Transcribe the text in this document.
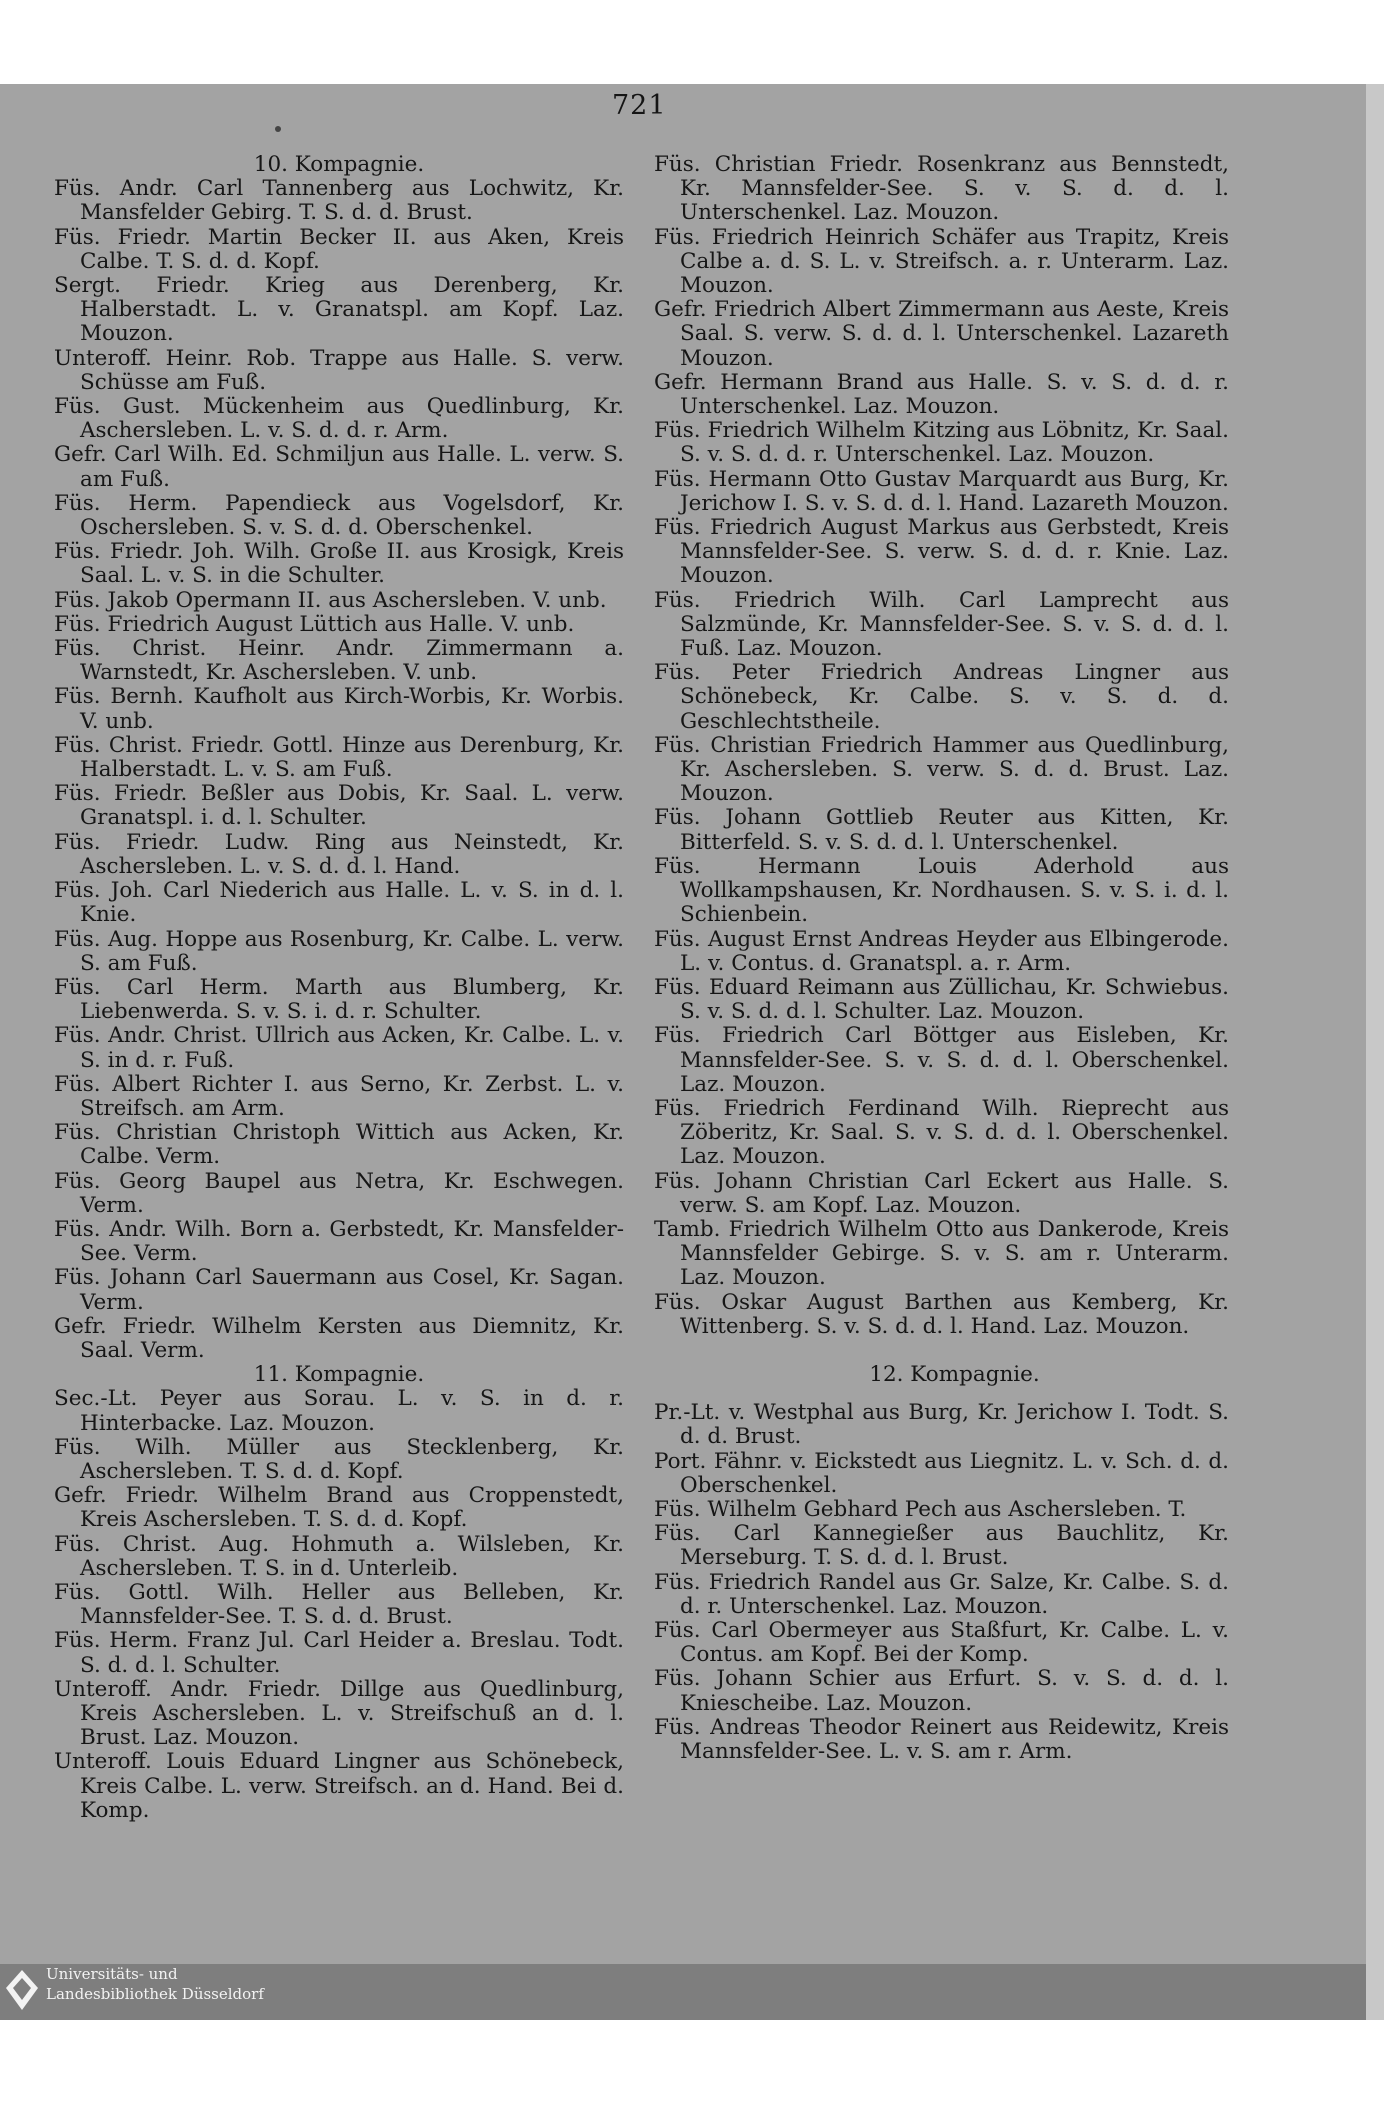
721
10. Kompagnie.
Füs. Andr. Carl Tannenberg aus Lochwitz, Kr. Mansfelder Gebirg. T. S. d. d. Brust.
Füs. Friedr. Martin Becker II. aus Aken, Kreis Calbe. T. S. d. d. Kopf.
Sergt. Friedr. Krieg aus Derenberg, Kr. Halberstadt. L. v. Granatspl. am Kopf. Laz. Mouzon.
Unteroff. Heinr. Rob. Trappe aus Halle. S. verw. Schüsse am Fuß.
Füs. Gust. Mückenheim aus Quedlinburg, Kr. Aschersleben. L. v. S. d. d. r. Arm.
Gefr. Carl Wilh. Ed. Schmiljun aus Halle. L. verw. S. am Fuß.
Füs. Herm. Papendieck aus Vogelsdorf, Kr. Oschersleben. S. v. S. d. d. Oberschenkel.
Füs. Friedr. Joh. Wilh. Große II. aus Krosigk, Kreis Saal. L. v. S. in die Schulter.
Füs. Jakob Opermann II. aus Aschersleben. V. unb.
Füs. Friedrich August Lüttich aus Halle. V. unb.
Füs. Christ. Heinr. Andr. Zimmermann a. Warnstedt, Kr. Aschersleben. V. unb.
Füs. Bernh. Kaufholt aus Kirch-Worbis, Kr. Worbis. V. unb.
Füs. Christ. Friedr. Gottl. Hinze aus Derenburg, Kr. Halberstadt. L. v. S. am Fuß.
Füs. Friedr. Beßler aus Dobis, Kr. Saal. L. verw. Granatspl. i. d. l. Schulter.
Füs. Friedr. Ludw. Ring aus Neinstedt, Kr. Aschersleben. L. v. S. d. d. l. Hand.
Füs. Joh. Carl Niederich aus Halle. L. v. S. in d. l. Knie.
Füs. Aug. Hoppe aus Rosenburg, Kr. Calbe. L. verw. S. am Fuß.
Füs. Carl Herm. Marth aus Blumberg, Kr. Liebenwerda. S. v. S. i. d. r. Schulter.
Füs. Andr. Christ. Ullrich aus Acken, Kr. Calbe. L. v. S. in d. r. Fuß.
Füs. Albert Richter I. aus Serno, Kr. Zerbst. L. v. Streifsch. am Arm.
Füs. Christian Christoph Wittich aus Acken, Kr. Calbe. Verm.
Füs. Georg Baupel aus Netra, Kr. Eschwegen. Verm.
Füs. Andr. Wilh. Born a. Gerbstedt, Kr. Mansfelder-See. Verm.
Füs. Johann Carl Sauermann aus Cosel, Kr. Sagan. Verm.
Gefr. Friedr. Wilhelm Kersten aus Diemnitz, Kr. Saal. Verm.
11. Kompagnie.
Sec.-Lt. Peyer aus Sorau. L. v. S. in d. r. Hinterbacke. Laz. Mouzon.
Füs. Wilh. Müller aus Stecklenberg, Kr. Aschersleben. T. S. d. d. Kopf.
Gefr. Friedr. Wilhelm Brand aus Croppenstedt, Kreis Aschersleben. T. S. d. d. Kopf.
Füs. Christ. Aug. Hohmuth a. Wilsleben, Kr. Aschersleben. T. S. in d. Unterleib.
Füs. Gottl. Wilh. Heller aus Belleben, Kr. Mannsfelder-See. T. S. d. d. Brust.
Füs. Herm. Franz Jul. Carl Heider a. Breslau. Todt. S. d. d. l. Schulter.
Unteroff. Andr. Friedr. Dillge aus Quedlinburg, Kreis Aschersleben. L. v. Streifschuß an d. l. Brust. Laz. Mouzon.
Unteroff. Louis Eduard Lingner aus Schönebeck, Kreis Calbe. L. verw. Streifsch. an d. Hand. Bei d. Komp.
Füs. Christian Friedr. Rosenkranz aus Bennstedt, Kr. Mannsfelder-See. S. v. S. d. d. l. Unterschenkel. Laz. Mouzon.
Füs. Friedrich Heinrich Schäfer aus Trapitz, Kreis Calbe a. d. S. L. v. Streifsch. a. r. Unterarm. Laz. Mouzon.
Gefr. Friedrich Albert Zimmermann aus Aeste, Kreis Saal. S. verw. S. d. d. l. Unterschenkel. Lazareth Mouzon.
Gefr. Hermann Brand aus Halle. S. v. S. d. d. r. Unterschenkel. Laz. Mouzon.
Füs. Friedrich Wilhelm Kitzing aus Löbnitz, Kr. Saal. S. v. S. d. d. r. Unterschenkel. Laz. Mouzon.
Füs. Hermann Otto Gustav Marquardt aus Burg, Kr. Jerichow I. S. v. S. d. d. l. Hand. Lazareth Mouzon.
Füs. Friedrich August Markus aus Gerbstedt, Kreis Mannsfelder-See. S. verw. S. d. d. r. Knie. Laz. Mouzon.
Füs. Friedrich Wilh. Carl Lamprecht aus Salzmünde, Kr. Mannsfelder-See. S. v. S. d. d. l. Fuß. Laz. Mouzon.
Füs. Peter Friedrich Andreas Lingner aus Schönebeck, Kr. Calbe. S. v. S. d. d. Geschlechtstheile.
Füs. Christian Friedrich Hammer aus Quedlinburg, Kr. Aschersleben. S. verw. S. d. d. Brust. Laz. Mouzon.
Füs. Johann Gottlieb Reuter aus Kitten, Kr. Bitterfeld. S. v. S. d. d. l. Unterschenkel.
Füs. Hermann Louis Aderhold aus Wollkampshausen, Kr. Nordhausen. S. v. S. i. d. l. Schienbein.
Füs. August Ernst Andreas Heyder aus Elbingerode. L. v. Contus. d. Granatspl. a. r. Arm.
Füs. Eduard Reimann aus Züllichau, Kr. Schwiebus. S. v. S. d. d. l. Schulter. Laz. Mouzon.
Füs. Friedrich Carl Böttger aus Eisleben, Kr. Mannsfelder-See. S. v. S. d. d. l. Oberschenkel. Laz. Mouzon.
Füs. Friedrich Ferdinand Wilh. Rieprecht aus Zöberitz, Kr. Saal. S. v. S. d. d. l. Oberschenkel. Laz. Mouzon.
Füs. Johann Christian Carl Eckert aus Halle. S. verw. S. am Kopf. Laz. Mouzon.
Tamb. Friedrich Wilhelm Otto aus Dankerode, Kreis Mannsfelder Gebirge. S. v. S. am r. Unterarm. Laz. Mouzon.
Füs. Oskar August Barthen aus Kemberg, Kr. Wittenberg. S. v. S. d. d. l. Hand. Laz. Mouzon.
12. Kompagnie.
Pr.-Lt. v. Westphal aus Burg, Kr. Jerichow I. Todt. S. d. d. Brust.
Port. Fähnr. v. Eickstedt aus Liegnitz. L. v. Sch. d. d. Oberschenkel.
Füs. Wilhelm Gebhard Pech aus Aschersleben. T.
Füs. Carl Kannegießer aus Bauchlitz, Kr. Merseburg. T. S. d. d. l. Brust.
Füs. Friedrich Randel aus Gr. Salze, Kr. Calbe. S. d. d. r. Unterschenkel. Laz. Mouzon.
Füs. Carl Obermeyer aus Staßfurt, Kr. Calbe. L. v. Contus. am Kopf. Bei der Komp.
Füs. Johann Schier aus Erfurt. S. v. S. d. d. l. Kniescheibe. Laz. Mouzon.
Füs. Andreas Theodor Reinert aus Reidewitz, Kreis Mannsfelder-See. L. v. S. am r. Arm.
Universitäts- und
Landesbibliothek Düsseldorf
